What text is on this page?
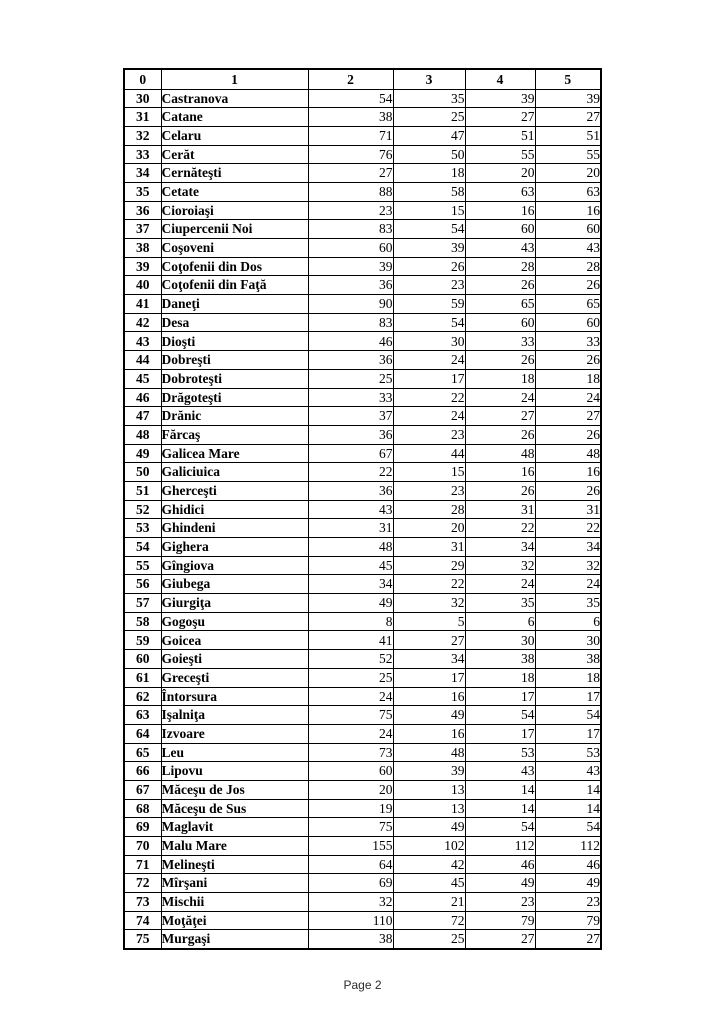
0	1	2	3	4	5
30	Castranova	54	35	39	39
31	Catane	38	25	27	27
32	Celaru	71	47	51	51
33	Cerăt	76	50	55	55
34	Cernăteşti	27	18	20	20
35	Cetate	88	58	63	63
36	Cioroiaşi	23	15	16	16
37	Ciupercenii Noi	83	54	60	60
38	Coşoveni	60	39	43	43
39	Coţofenii din Dos	39	26	28	28
40	Coţofenii din Faţă	36	23	26	26
41	Daneţi	90	59	65	65
42	Desa	83	54	60	60
43	Dioşti	46	30	33	33
44	Dobreşti	36	24	26	26
45	Dobroteşti	25	17	18	18
46	Drăgoteşti	33	22	24	24
47	Drănic	37	24	27	27
48	Fărcaş	36	23	26	26
49	Galicea Mare	67	44	48	48
50	Galiciuica	22	15	16	16
51	Gherceşti	36	23	26	26
52	Ghidici	43	28	31	31
53	Ghindeni	31	20	22	22
54	Gighera	48	31	34	34
55	Gîngiova	45	29	32	32
56	Giubega	34	22	24	24
57	Giurgiţa	49	32	35	35
58	Gogoşu	8	5	6	6
59	Goicea	41	27	30	30
60	Goieşti	52	34	38	38
61	Greceşti	25	17	18	18
62	Întorsura	24	16	17	17
63	Işalniţa	75	49	54	54
64	Izvoare	24	16	17	17
65	Leu	73	48	53	53
66	Lipovu	60	39	43	43
67	Măceşu de Jos	20	13	14	14
68	Măceşu de Sus	19	13	14	14
69	Maglavit	75	49	54	54
70	Malu Mare	155	102	112	112
71	Melineşti	64	42	46	46
72	Mîrşani	69	45	49	49
73	Mischii	32	21	23	23
74	Moţăţei	110	72	79	79
75	Murgaşi	38	25	27	27
Page 2
